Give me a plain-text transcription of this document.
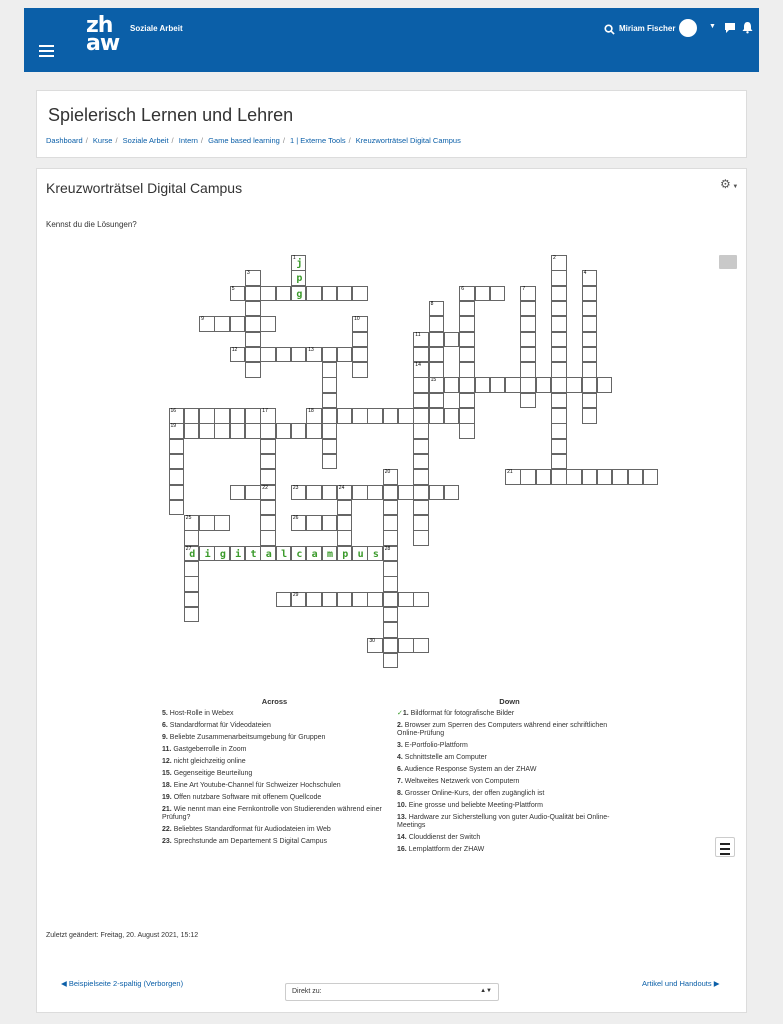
zh
aw
Soziale Arbeit	Miriam Fischer	▼
Spielerisch Lernen und Lehren
Dashboard / Kurse / Soziale Arbeit / Intern / Game based learning / 1 | Externe Tools / Kreuzworträtsel Digital Campus
Kreuzworträtsel Digital Campus	⚙ ▼
Kennst du die Lösungen?
5	g	6
9
11
12	13
15
16	18
19
21
22	23	24
25	26
27
d i g i t a l c a m p u s
29
30
1 j
p
3
2
4
7
8
10
14
17
20
28
Across
5. Host-Rolle in Webex
6. Standardformat für Videodateien
9. Beliebte Zusammenarbeitsumgebung für Gruppen
11. Gastgeberrolle in Zoom
12. nicht gleichzeitig online
15. Gegenseitige Beurteilung
18. Eine Art Youtube-Channel für Schweizer Hochschulen
19. Offen nutzbare Software mit offenem Quellcode
21. Wie nennt man eine Fernkontrolle von Studierenden während einer Prüfung?
22. Beliebtes Standardformat für Audiodateien im Web
23. Sprechstunde am Departement S Digital Campus
Down
✓1. Bildformat für fotografische Bilder
2. Browser zum Sperren des Computers während einer schriftlichen Online-Prüfung
3. E-Portfolio-Plattform
4. Schnittstelle am Computer
6. Audience Response System an der ZHAW
7. Weltweites Netzwerk von Computern
8. Grosser Online-Kurs, der offen zugänglich ist
10. Eine grosse und beliebte Meeting-Plattform
13. Hardware zur Sicherstellung von guter Audio-Qualität bei Online-Meetings
14. Clouddienst der Switch
16. Lernplattform der ZHAW
Zuletzt geändert: Freitag, 20. August 2021, 15:12
◀ Beispielseite 2-spaltig (Verborgen)
Direkt zu:	▲▼
Artikel und Handouts ▶
